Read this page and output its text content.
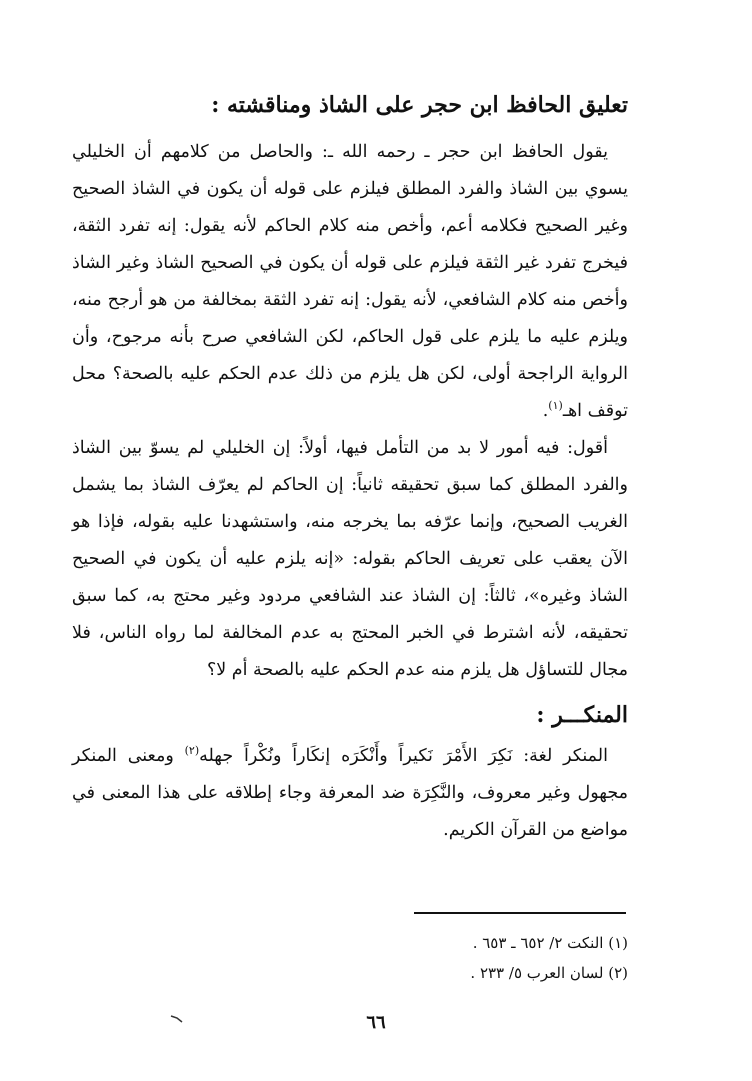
تعليق الحافظ ابن حجر على الشاذ ومناقشته :
يقول الحافظ ابن حجر ـ رحمه الله ـ: والحاصل من كلامهم أن الخليلي يسوي بين الشاذ والفرد المطلق فيلزم على قوله أن يكون في الشاذ الصحيح وغير الصحيح فكلامه أعم، وأخص منه كلام الحاكم لأنه يقول: إنه تفرد الثقة، فيخرج تفرد غير الثقة فيلزم على قوله أن يكون في الصحيح الشاذ وغير الشاذ وأخص منه كلام الشافعي، لأنه يقول: إنه تفرد الثقة بمخالفة من هو أرجح منه، ويلزم عليه ما يلزم على قول الحاكم، لكن الشافعي صرح بأنه مرجوح، وأن الرواية الراجحة أولى، لكن هل يلزم من ذلك عدم الحكم عليه بالصحة؟ محل توقف اهـ$^{(١)}$.
أقول: فيه أمور لا بد من التأمل فيها، أولاً: إن الخليلي لم يسوّ بين الشاذ والفرد المطلق كما سبق تحقيقه ثانياً: إن الحاكم لم يعرّف الشاذ بما يشمل الغريب الصحيح، وإنما عرّفه بما يخرجه منه، واستشهدنا عليه بقوله، فإذا هو الآن يعقب على تعريف الحاكم بقوله: «إنه يلزم عليه أن يكون في الصحيح الشاذ وغيره»، ثالثاً: إن الشاذ عند الشافعي مردود وغير محتج به، كما سبق تحقيقه، لأنه اشترط في الخبر المحتج به عدم المخالفة لما رواه الناس، فلا مجال للتساؤل هل يلزم منه عدم الحكم عليه بالصحة أم لا؟
المنكـــر :
المنكر لغة: نَكِرَ الأَمْرَ نَكيراً وأَنْكَرَه إنكَاراً ونُكْراً جهله$^{(٢)}$ ومعنى المنكر مجهول وغير معروف، والنَّكِرَة ضد المعرفة وجاء إطلاقه على هذا المعنى في مواضع من القرآن الكريم.
(١) النكت ٢/ ٦٥٢ ـ ٦٥٣ .
(٢) لسان العرب ٥/ ٢٣٣ .
٦٦
